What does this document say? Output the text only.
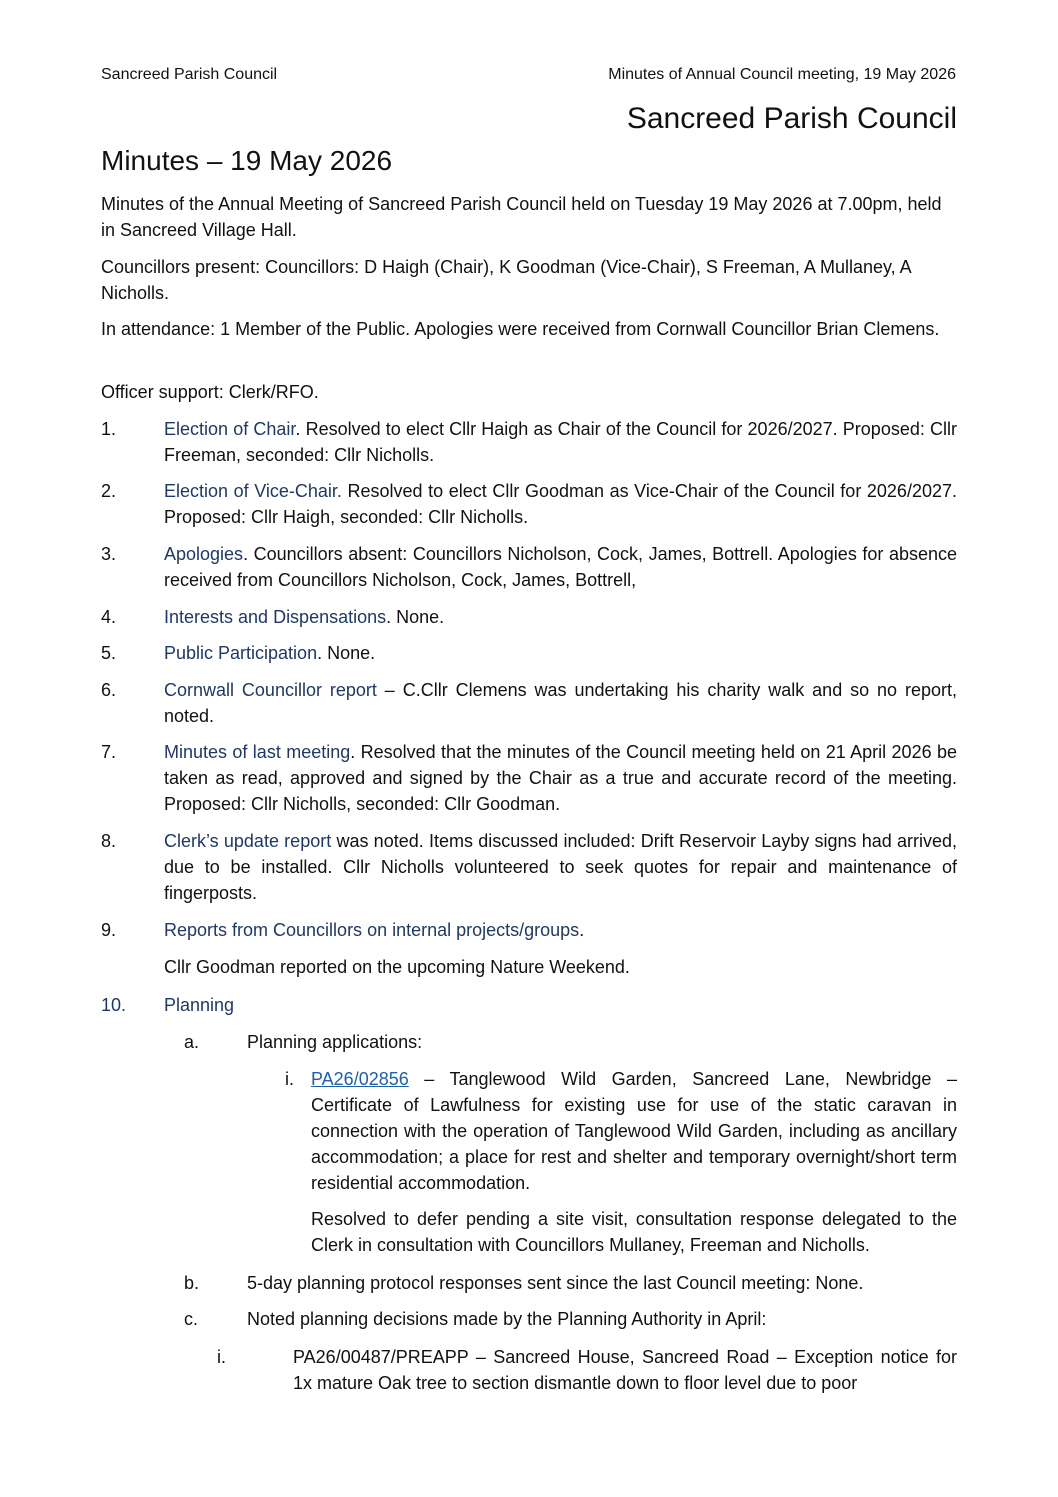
Sancreed Parish Council	Minutes of Annual Council meeting, 19 May 2026
Sancreed Parish Council
Minutes – 19 May 2026

Minutes of the Annual Meeting of Sancreed Parish Council held on Tuesday 19 May 2026 at 7.00pm, held in Sancreed Village Hall.

Councillors present: Councillors: D Haigh (Chair), K Goodman (Vice-Chair), S Freeman, A Mullaney, A Nicholls.

In attendance: 1 Member of the Public. Apologies were received from Cornwall Councillor Brian Clemens.

Officer support: Clerk/RFO.

1.	Election of Chair. Resolved to elect Cllr Haigh as Chair of the Council for 2026/2027. Proposed: Cllr Freeman, seconded: Cllr Nicholls.
2.	Election of Vice-Chair. Resolved to elect Cllr Goodman as Vice-Chair of the Council for 2026/2027. Proposed: Cllr Haigh, seconded: Cllr Nicholls.
3.	Apologies. Councillors absent: Councillors Nicholson, Cock, James, Bottrell. Apologies for absence received from Councillors Nicholson, Cock, James, Bottrell,
4.	Interests and Dispensations. None.
5.	Public Participation. None.
6.	Cornwall Councillor report – C.Cllr Clemens was undertaking his charity walk and so no report, noted.
7.	Minutes of last meeting. Resolved that the minutes of the Council meeting held on 21 April 2026 be taken as read, approved and signed by the Chair as a true and accurate record of the meeting. Proposed: Cllr Nicholls, seconded: Cllr Goodman.
8.	Clerk’s update report was noted. Items discussed included: Drift Reservoir Layby signs had arrived, due to be installed. Cllr Nicholls volunteered to seek quotes for repair and maintenance of fingerposts.
9.	Reports from Councillors on internal projects/groups.
Cllr Goodman reported on the upcoming Nature Weekend.
10.	Planning
a.	Planning applications:
i. PA26/02856 – Tanglewood Wild Garden, Sancreed Lane, Newbridge – Certificate of Lawfulness for existing use for use of the static caravan in connection with the operation of Tanglewood Wild Garden, including as ancillary accommodation; a place for rest and shelter and temporary overnight/short term residential accommodation.
Resolved to defer pending a site visit, consultation response delegated to the Clerk in consultation with Councillors Mullaney, Freeman and Nicholls.
b.	5-day planning protocol responses sent since the last Council meeting: None.
c.	Noted planning decisions made by the Planning Authority in April:
i.	PA26/00487/PREAPP – Sancreed House, Sancreed Road – Exception notice for 1x mature Oak tree to section dismantle down to floor level due to poor
